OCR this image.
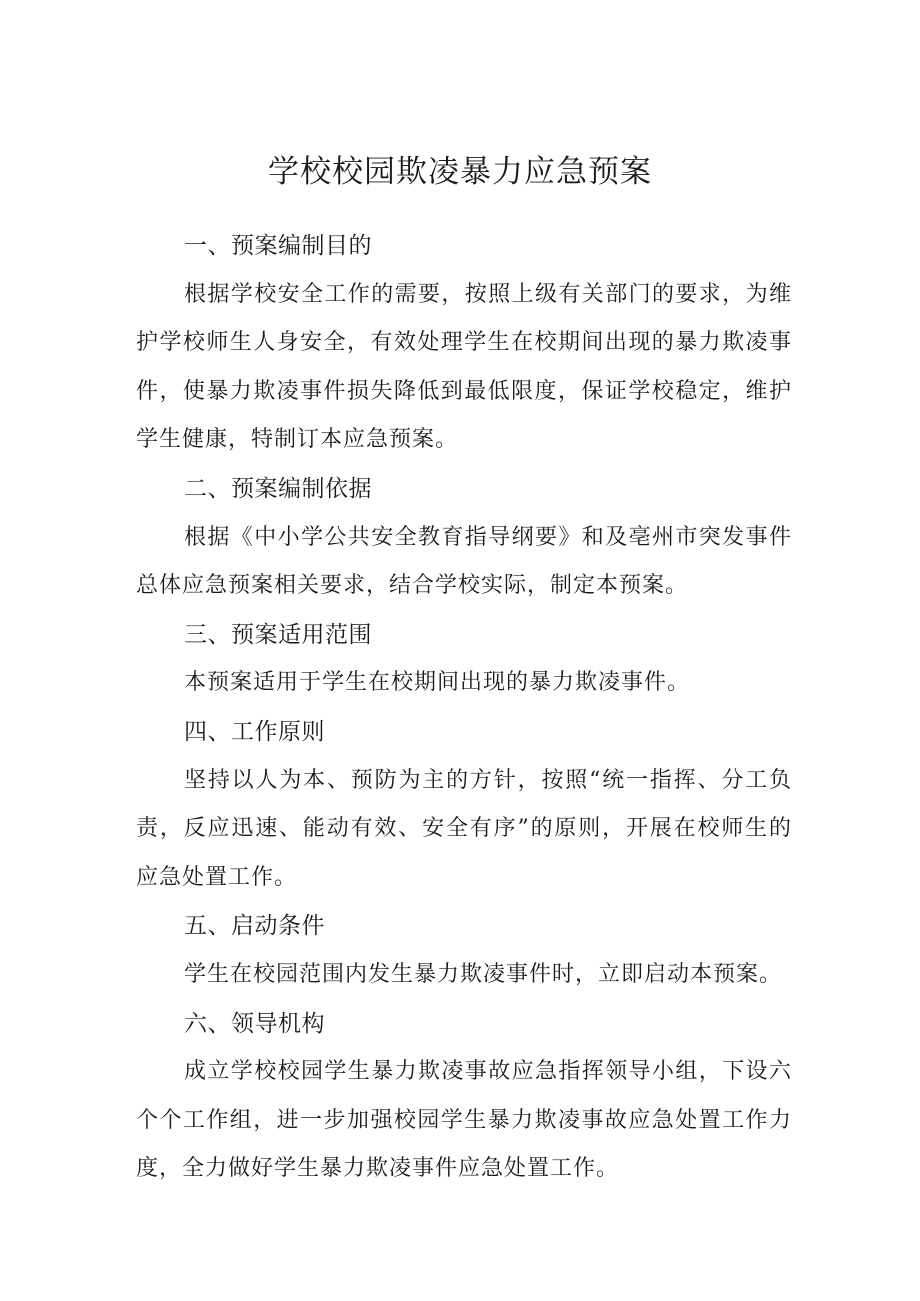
学校校园欺凌暴力应急预案
一、预案编制目的

根据学校安全工作的需要，按照上级有关部门的要求，为维护学校师生人身安全，有效处理学生在校期间出现的暴力欺凌事件，使暴力欺凌事件损失降低到最低限度，保证学校稳定，维护学生健康，特制订本应急预案。

二、预案编制依据

根据《中小学公共安全教育指导纲要》和及亳州市突发事件总体应急预案相关要求，结合学校实际，制定本预案。

三、预案适用范围

本预案适用于学生在校期间出现的暴力欺凌事件。

四、工作原则

坚持以人为本、预防为主的方针，按照“统一指挥、分工负责，反应迅速、能动有效、安全有序”的原则，开展在校师生的应急处置工作。

五、启动条件

学生在校园范围内发生暴力欺凌事件时，立即启动本预案。

六、领导机构

成立学校校园学生暴力欺凌事故应急指挥领导小组，下设六个个工作组，进一步加强校园学生暴力欺凌事故应急处置工作力度，全力做好学生暴力欺凌事件应急处置工作。
